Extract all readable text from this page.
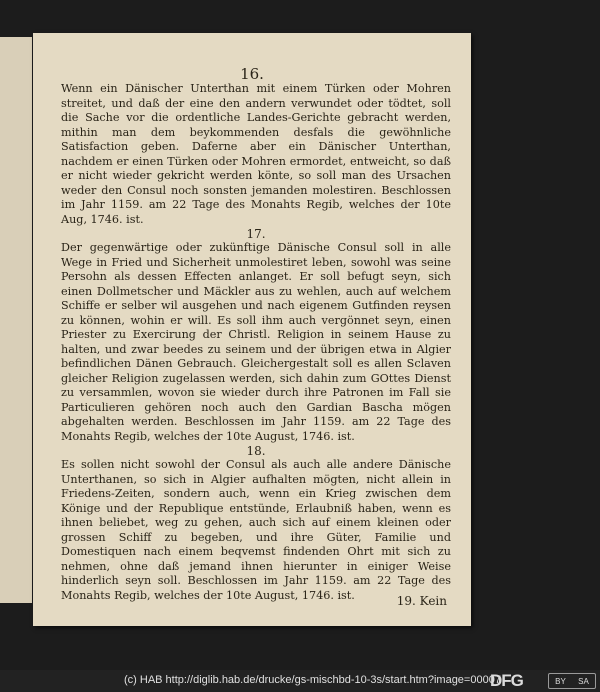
16.

Wenn ein Dänischer Unterthan mit einem Türken oder Mohren streitet, und daß der eine den andern verwundet oder tödtet, soll die Sache vor die ordentliche Landes-Gerichte gebracht werden, mithin man dem beykommenden desfals die gewöhnliche Satisfaction geben. Daferne aber ein Dänischer Unterthan, nachdem er einen Türken oder Mohren ermordet, entweicht, so daß er nicht wieder gekricht werden könte, so soll man des Ursachen weder den Consul noch sonsten jemanden molestiren. Beschlossen im Jahr 1159. am 22 Tage des Monahts Regib, welches der 10te Aug, 1746. ist.

17.

Der gegenwärtige oder zukünftige Dänische Consul soll in alle Wege in Fried und Sicherheit unmolestiret leben, sowohl was seine Persohn als dessen Effecten anlanget. Er soll befugt seyn, sich einen Dollmetscher und Mäckler aus zu wehlen, auch auf welchem Schiffe er selber wil ausgehen und nach eigenem Gutfinden reysen zu können, wohin er will. Es soll ihm auch vergönnet seyn, einen Priester zu Exercirung der Christl. Religion in seinem Hause zu halten, und zwar beedes zu seinem und der übrigen etwa in Algier befindlichen Dänen Gebrauch. Gleichergestalt soll es allen Sclaven gleicher Religion zugelassen werden, sich dahin zum GOttes Dienst zu versammlen, wovon sie wieder durch ihre Patronen im Fall sie Particulieren gehören noch auch den Gardian Bascha mögen abgehalten werden. Beschlossen im Jahr 1159. am 22 Tage des Monahts Regib, welches der 10te August, 1746. ist.

18.

Es sollen nicht sowohl der Consul als auch alle andere Dänische Unterthanen, so sich in Algier aufhalten mögten, nicht allein in Friedens-Zeiten, sondern auch, wenn ein Krieg zwischen dem Könige und der Republique entstünde, Erlaubniß haben, wenn es ihnen beliebet, weg zu gehen, auch sich auf einem kleinen oder grossen Schiff zu begeben, und ihre Güter, Familie und Domestiquen nach einem beqvemst findenden Ohrt mit sich zu nehmen, ohne daß jemand ihnen hierunter in einiger Weise hinderlich seyn soll. Beschlossen im Jahr 1159. am 22 Tage des Monahts Regib, welches der 10te August, 1746. ist.	19. Kein
(c) HAB http://diglib.hab.de/drucke/gs-mischbd-10-3s/start.htm?image=00007
DFG	BY SA
